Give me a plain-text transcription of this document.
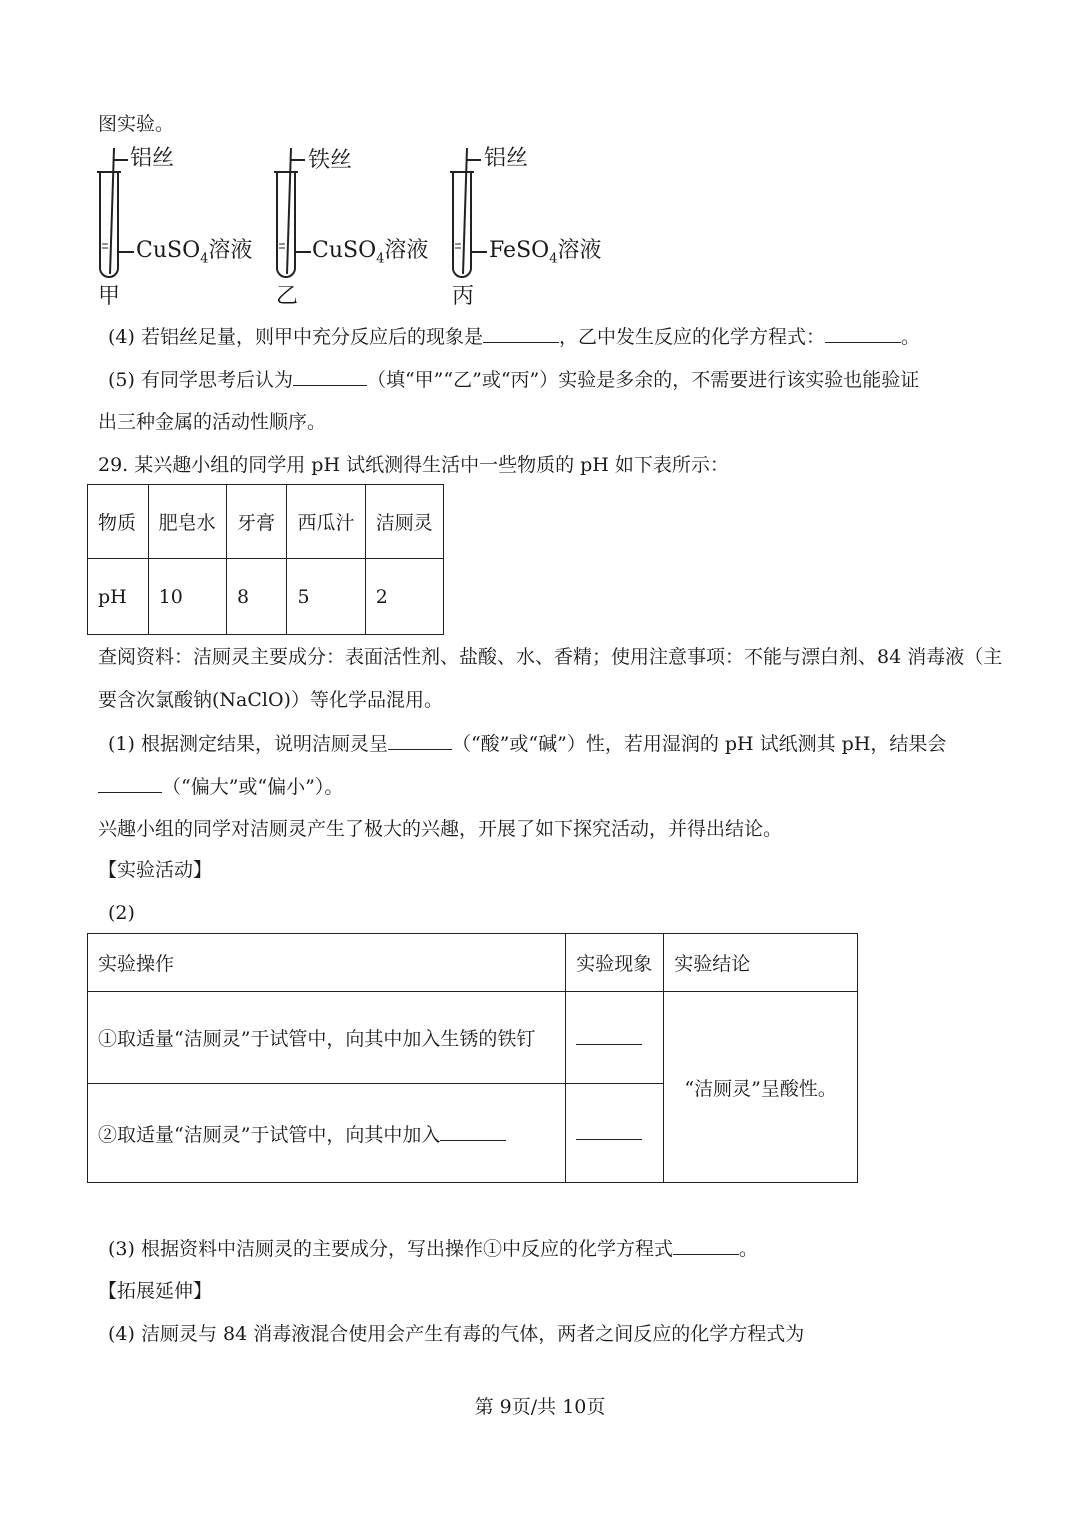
图实验。
铝丝
CuSO$_4$溶液
甲
铁丝
CuSO$_4$溶液
乙
铝丝
FeSO$_4$溶液
丙
(4) 若铝丝足量，则甲中充分反应后的现象是	，乙中发生反应的化学方程式：	。
(5) 有同学思考后认为	（填“甲”“乙”或“丙”）实验是多余的，不需要进行该实验也能验证
出三种金属的活动性顺序。
29. 某兴趣小组的同学用 pH 试纸测得生活中一些物质的 pH 如下表所示：
物质	肥皂水	牙膏	西瓜汁	洁厕灵
pH	10	8	5	2
查阅资料：洁厕灵主要成分：表面活性剂、盐酸、水、香精；使用注意事项：不能与漂白剂、84 消毒液（主
要含次氯酸钠(NaClO)）等化学品混用。
(1) 根据测定结果，说明洁厕灵呈	（“酸”或“碱”）性，若用湿润的 pH 试纸测其 pH，结果会
（“偏大”或“偏小”）。
兴趣小组的同学对洁厕灵产生了极大的兴趣，开展了如下探究活动，并得出结论。
【实验活动】
(2)
实验操作	实验现象	实验结论
①取适量“洁厕灵”于试管中，向其中加入生锈的铁钉		“洁厕灵”呈酸性。
②取适量“洁厕灵”于试管中，向其中加入		
(3) 根据资料中洁厕灵的主要成分，写出操作①中反应的化学方程式	。
【拓展延伸】
(4) 洁厕灵与 84 消毒液混合使用会产生有毒的气体，两者之间反应的化学方程式为
第 9页/共 10页
